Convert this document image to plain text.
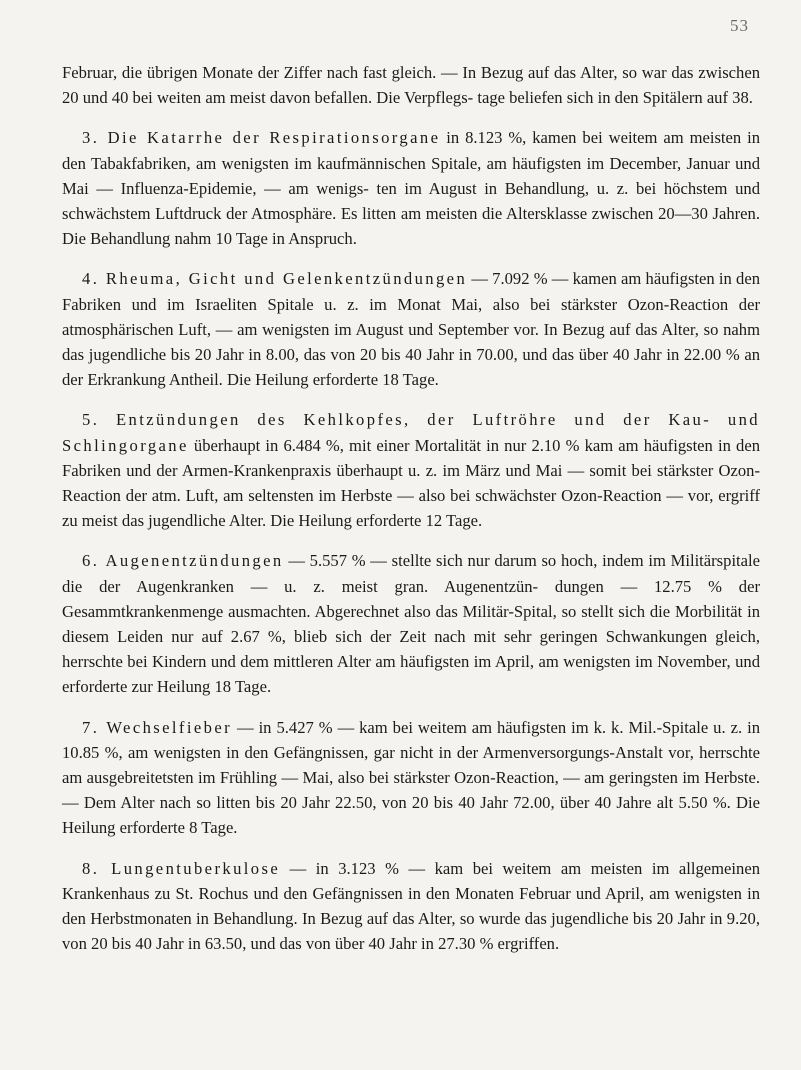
53

Februar, die übrigen Monate der Ziffer nach fast gleich. — In Bezug auf das Alter, so war das zwischen 20 und 40 bei weiten am meist davon befallen. Die Verpflegs- tage beliefen sich in den Spitälern auf 38.

3. Die Katarrhe der Respirationsorgane in 8.123 %, kamen bei weitem am meisten in den Tabakfabriken, am wenigsten im kaufmännischen Spitale, am häufigsten im December, Januar und Mai — Influenza-Epidemie, — am wenigs- ten im August in Behandlung, u. z. bei höchstem und schwächstem Luftdruck der Atmosphäre. Es litten am meisten die Altersklasse zwischen 20—30 Jahren. Die Behandlung nahm 10 Tage in Anspruch.

4. Rheuma, Gicht und Gelenkentzündungen — 7.092 % — kamen am häufigsten in den Fabriken und im Israeliten Spitale u. z. im Monat Mai, also bei stärkster Ozon-Reaction der atmosphärischen Luft, — am wenigsten im August und September vor. In Bezug auf das Alter, so nahm das jugendliche bis 20 Jahr in 8.00, das von 20 bis 40 Jahr in 70.00, und das über 40 Jahr in 22.00 % an der Erkrankung Antheil. Die Heilung erforderte 18 Tage.

5. Entzündungen des Kehlkopfes, der Luftröhre und der Kau- und Schlingorgane überhaupt in 6.484 %, mit einer Mortalität in nur 2.10 % kam am häufigsten in den Fabriken und der Armen-Krankenpraxis überhaupt u. z. im März und Mai — somit bei stärkster Ozon-Reaction der atm. Luft, am seltensten im Herbste — also bei schwächster Ozon-Reaction — vor, ergriff zu meist das jugendliche Alter. Die Heilung erforderte 12 Tage.

6. Augenentzündungen — 5.557 % — stellte sich nur darum so hoch, indem im Militärspitale die der Augenkranken — u. z. meist gran. Augenentzün- dungen — 12.75 % der Gesammtkrankenmenge ausmachten. Abgerechnet also das Militär-Spital, so stellt sich die Morbilität in diesem Leiden nur auf 2.67 %, blieb sich der Zeit nach mit sehr geringen Schwankungen gleich, herrschte bei Kindern und dem mittleren Alter am häufigsten im April, am wenigsten im November, und erforderte zur Heilung 18 Tage.

7. Wechselfieber — in 5.427 % — kam bei weitem am häufigsten im k. k. Mil.-Spitale u. z. in 10.85 %, am wenigsten in den Gefängnissen, gar nicht in der Armenversorgungs-Anstalt vor, herrschte am ausgebreitetsten im Frühling — Mai, also bei stärkster Ozon-Reaction, — am geringsten im Herbste. — Dem Alter nach so litten bis 20 Jahr 22.50, von 20 bis 40 Jahr 72.00, über 40 Jahre alt 5.50 %. Die Heilung erforderte 8 Tage.

8. Lungentuberkulose — in 3.123 % — kam bei weitem am meisten im allgemeinen Krankenhaus zu St. Rochus und den Gefängnissen in den Monaten Februar und April, am wenigsten in den Herbstmonaten in Behandlung. In Bezug auf das Alter, so wurde das jugendliche bis 20 Jahr in 9.20, von 20 bis 40 Jahr in 63.50, und das von über 40 Jahr in 27.30 % ergriffen.
